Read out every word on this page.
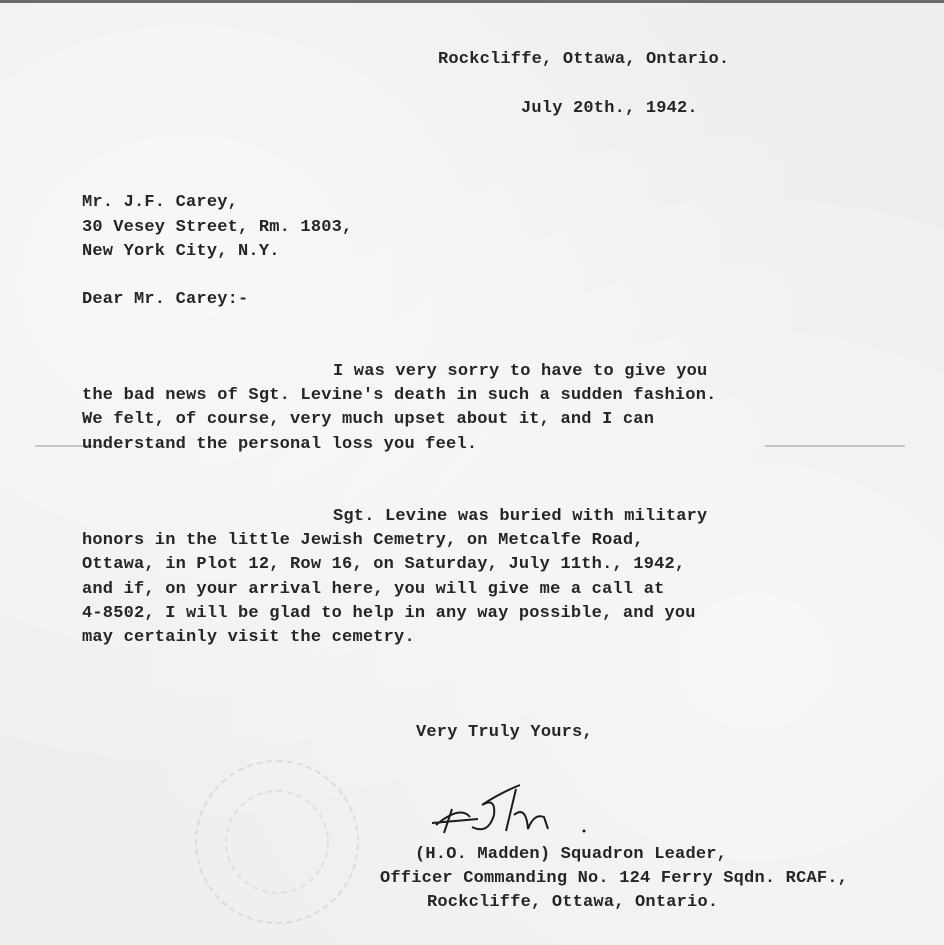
Rockcliffe, Ottawa, Ontario.
July 20th., 1942.
Mr. J.F. Carey,
30 Vesey Street, Rm. 1803,
New York City, N.Y.
Dear Mr. Carey:-
I was very sorry to have to give you
the bad news of Sgt. Levine's death in such a sudden fashion.
We felt, of course, very much upset about it, and I can
understand the personal loss you feel.
Sgt. Levine was buried with military
honors in the little Jewish Cemetry, on Metcalfe Road,
Ottawa, in Plot 12, Row 16, on Saturday, July 11th., 1942,
and if, on your arrival here, you will give me a call at
4-8502, I will be glad to help in any way possible, and you
may certainly visit the cemetry.
Very Truly Yours,
(H.O. Madden) Squadron Leader,
Officer Commanding No. 124 Ferry Sqdn. RCAF.,
Rockcliffe, Ottawa, Ontario.
